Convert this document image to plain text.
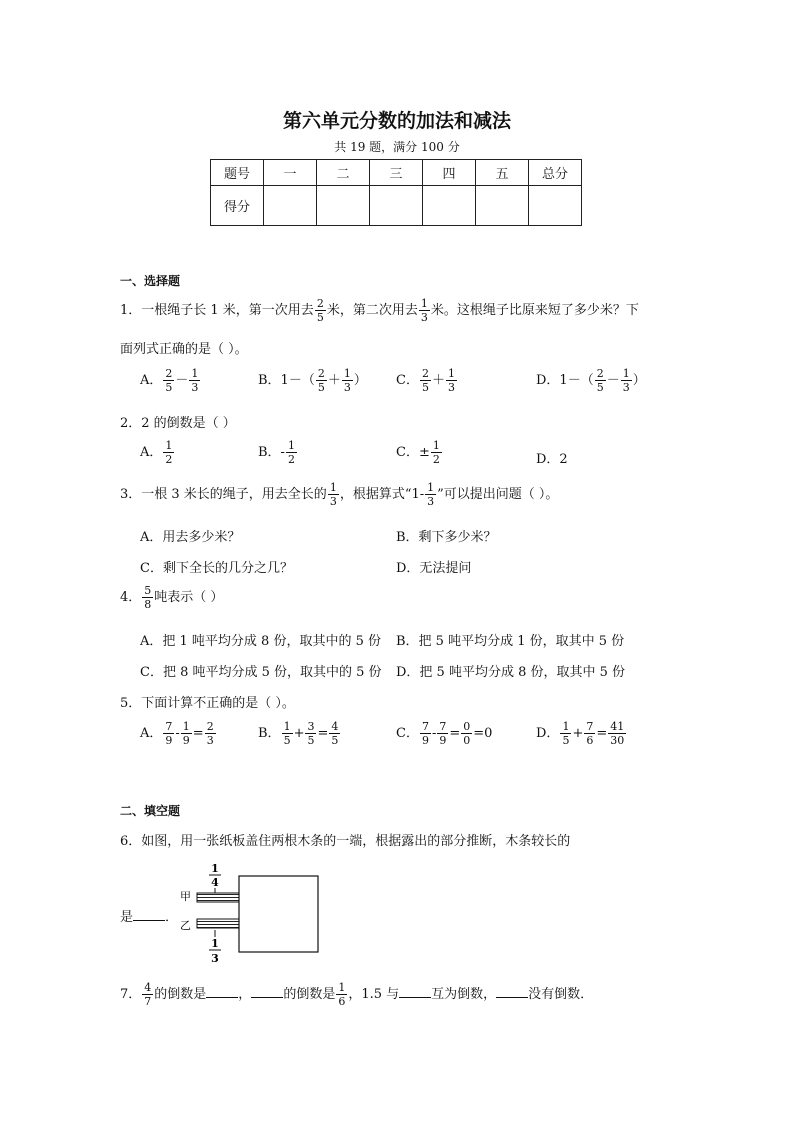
第六单元分数的加法和减法
共 19 题，满分 100 分
题号	一	二	三	四	五	总分
得分						
一、选择题
1．一根绳子长 1 米，第一次用去 $\frac{2}{5}$ 米，第二次用去 $\frac{1}{3}$ 米。这根绳子比原来短了多少米？下
面列式正确的是（ ）。
A． $\frac{2}{5} - \frac{1}{3}$	B．$1-( \frac{2}{5} + \frac{1}{3}$ ） C． $\frac{2}{5} + \frac{1}{3}$	D．$1-( \frac{2}{5} - \frac{1}{3}$ ）
2．2 的倒数是（ ）
A． $\frac{1}{2}$	B．- $\frac{1}{2}$	C．± $\frac{1}{2}$	D．2
3．一根 3 米长的绳子，用去全长的 $\frac{1}{3}$ ，根据算式“$1- \frac{1}{3}$ ”可以提出问题（ ）。
A．用去多少米？	B．剩下多少米？
C．剩下全长的几分之几？	D．无法提问
4． $\frac{5}{8}$ 吨表示（ ）
A．把 1 吨平均分成 8 份，取其中的 5 份 B．把 5 吨平均分成 1 份，取其中 5 份
C．把 8 吨平均分成 5 份，取其中的 5 份 D．把 5 吨平均分成 8 份，取其中 5 份
5．下面计算不正确的是（ ）。
A． $\frac{7}{9} - \frac{1}{9} = \frac{2}{3}$	B． $\frac{1}{5} + \frac{3}{5} = \frac{4}{5}$	C． $\frac{7}{9} - \frac{7}{9} = \frac{0}{0} =0$	D． $\frac{1}{5} + \frac{7}{6} = \frac{41}{30}$
二、填空题
6．如图，用一张纸板盖住两根木条的一端，根据露出的部分推断，木条较长的
是 ．
1
4
甲
乙
1
3
7． $\frac{4}{7}$ 的倒数是 ， 的倒数是 $\frac{1}{6}$ ，1.5 与 互为倒数， 没有倒数．
